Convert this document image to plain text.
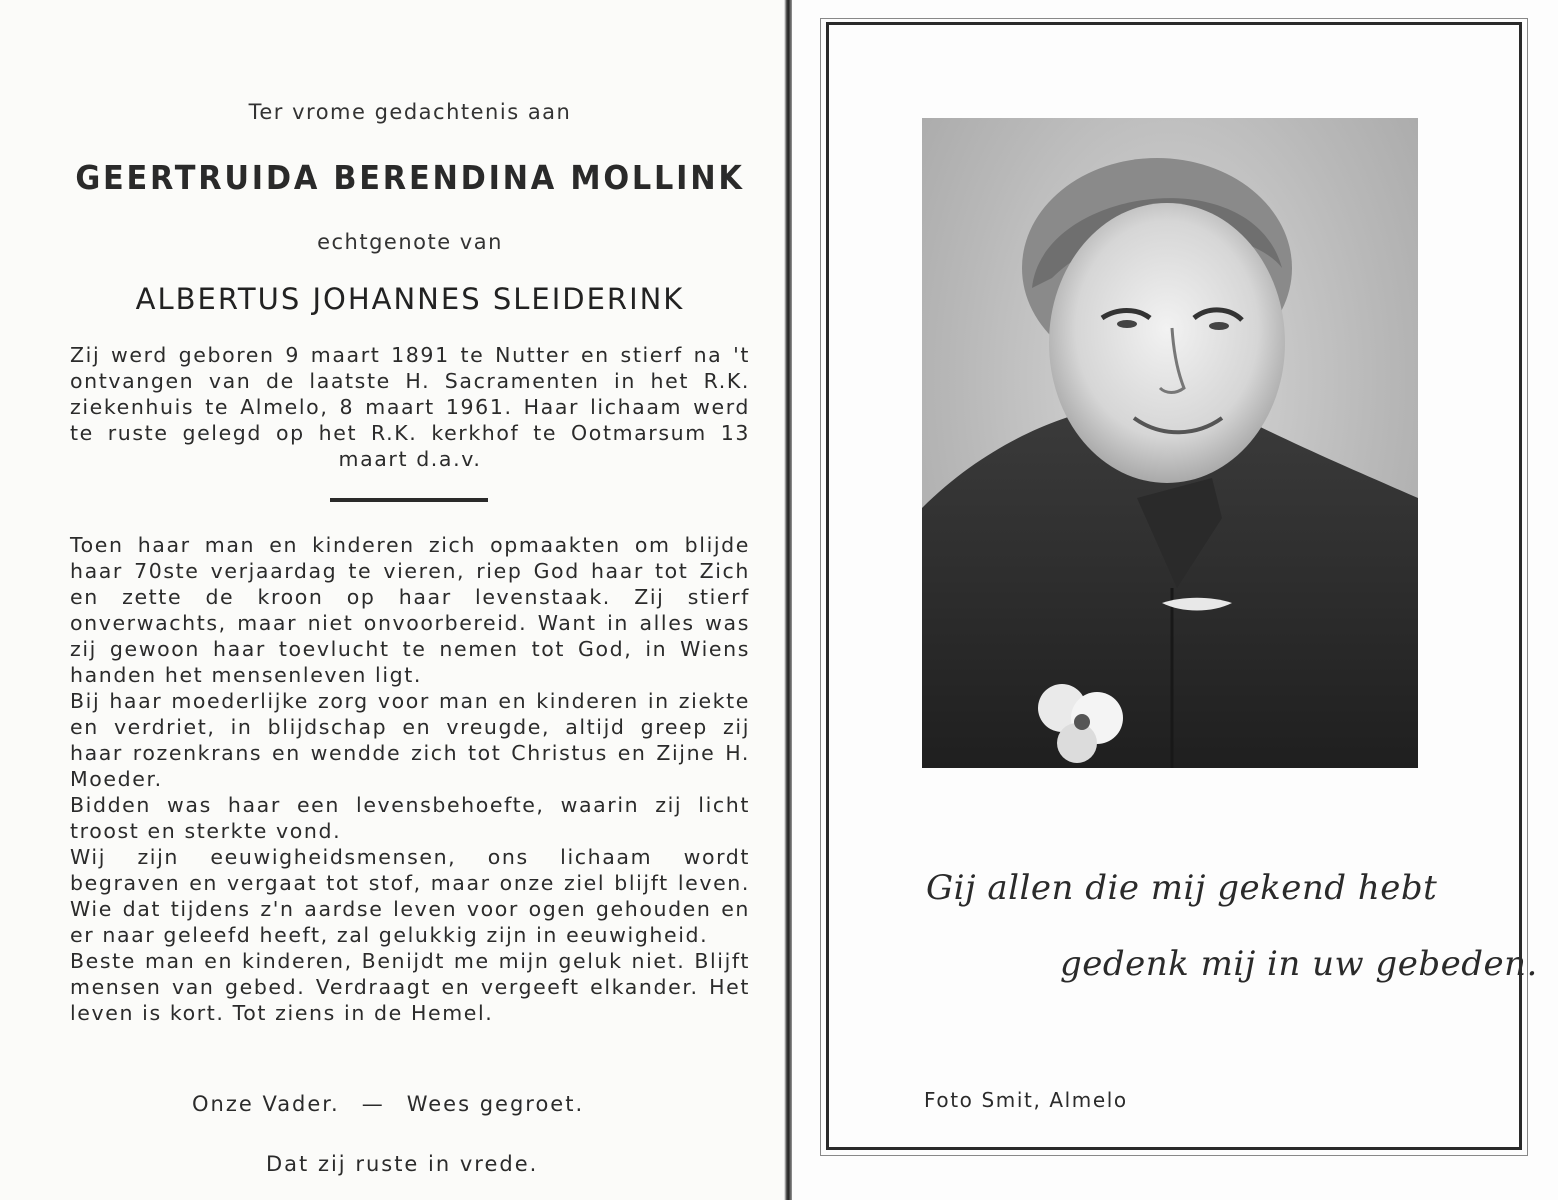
Ter vrome gedachtenis aan
GEERTRUIDA BERENDINA MOLLINK
echtgenote van
ALBERTUS JOHANNES SLEIDERINK

Zij werd geboren 9 maart 1891 te Nutter en stierf na 't ontvangen van de laatste H. Sacramenten in het R.K. ziekenhuis te Almelo, 8 maart 1961. Haar lichaam werd te ruste gelegd op het R.K. kerkhof te Ootmarsum 13 maart d.a.v.

Toen haar man en kinderen zich opmaakten om blijde haar 70ste verjaardag te vieren, riep God haar tot Zich en zette de kroon op haar levenstaak. Zij stierf onverwachts, maar niet onvoorbereid. Want in alles was zij gewoon haar toevlucht te nemen tot God, in Wiens handen het mensenleven ligt.

Bij haar moederlijke zorg voor man en kinderen in ziekte en verdriet, in blijdschap en vreugde, altijd greep zij haar rozenkrans en wendde zich tot Christus en Zijne H. Moeder.

Bidden was haar een levensbehoefte, waarin zij licht troost en sterkte vond.

Wij zijn eeuwigheidsmensen, ons lichaam wordt begraven en vergaat tot stof, maar onze ziel blijft leven. Wie dat tijdens z'n aardse leven voor ogen gehouden en er naar geleefd heeft, zal gelukkig zijn in eeuwigheid.

Beste man en kinderen, Benijdt me mijn geluk niet. Blijft mensen van gebed. Verdraagt en vergeeft elkander. Het leven is kort. Tot ziens in de Hemel.

Onze Vader. — Wees gegroet.
Dat zij ruste in vrede.
Gij allen die mij gekend hebt
gedenk mij in uw gebeden.
Foto Smit, Almelo
